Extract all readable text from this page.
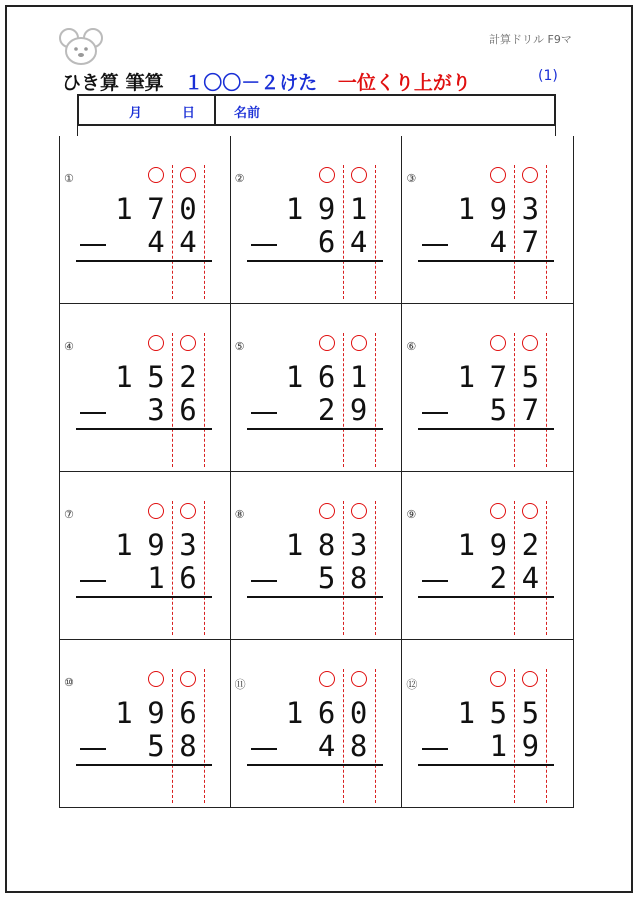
計算ドリル F9マ
ひき算 筆算 １〇〇－２けた 一位くり上がり	(1)
月	日	名前
①
1 7 0
4 4
②
1 9 1
6 4
③
1 9 3
4 7
④
1 5 2
3 6
⑤
1 6 1
2 9
⑥
1 7 5
5 7
⑦
1 9 3
1 6
⑧
1 8 3
5 8
⑨
1 9 2
2 4
⑩
1 9 6
5 8
⑪
1 6 0
4 8
⑫
1 5 5
1 9
